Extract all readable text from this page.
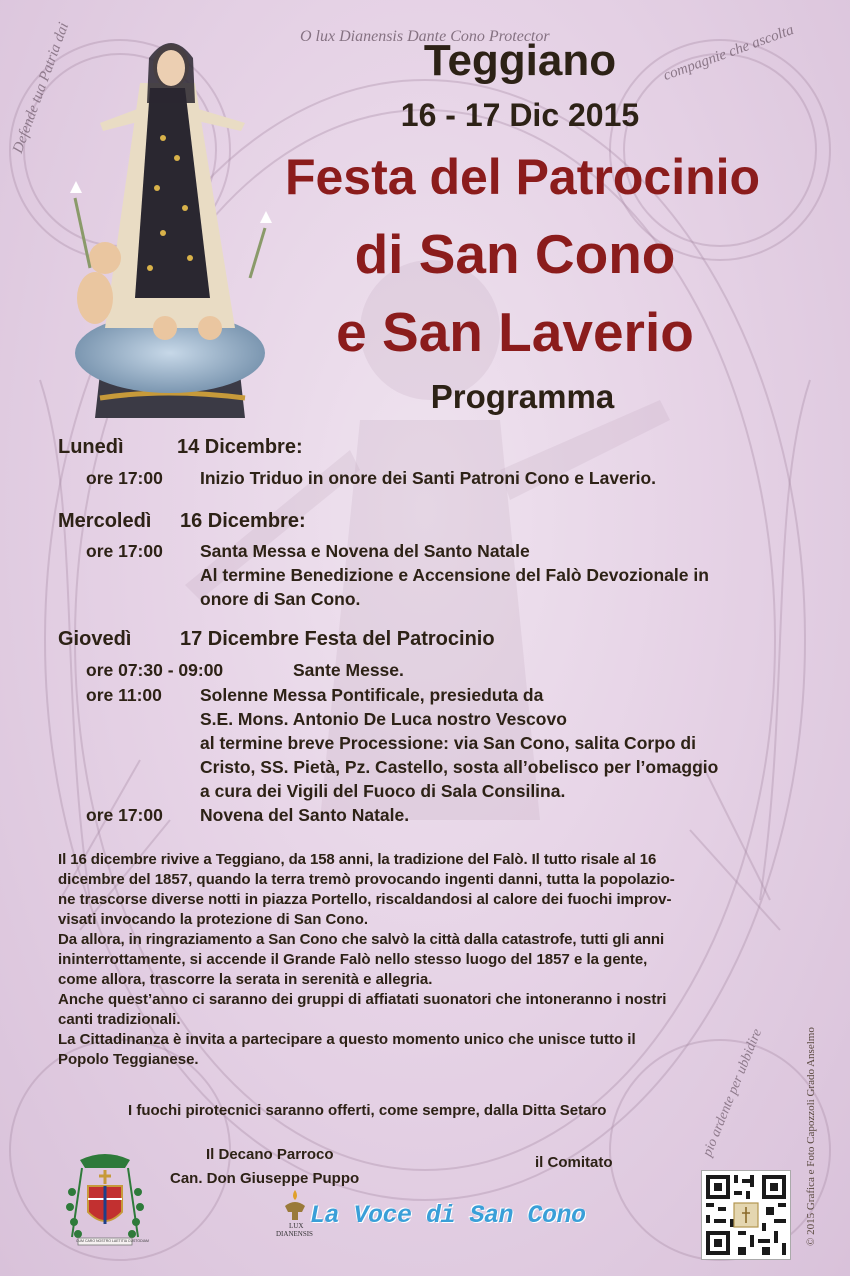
O lux Dianensis Dante Cono Protector
Defende tua Patria dai	compagnie che ascolta
pio ardente per ubbidire
Teggiano
16 - 17 Dic 2015
Festa del Patrocinio
di San Cono
e San Laverio
Programma
Lunedì	14 Dicembre:
ore 17:00 Inizio Triduo in onore dei Santi Patroni Cono e Laverio.
Mercoledì 16 Dicembre:
ore 17:00 Santa Messa e Novena del Santo Natale
Al termine Benedizione e Accensione del Falò Devozionale in
onore di San Cono.
Giovedì 17 Dicembre Festa del Patrocinio
ore 07:30 - 09:00	Sante Messe.
ore 11:00 Solenne Messa Pontificale, presieduta da
S.E. Mons. Antonio De Luca nostro Vescovo
al termine breve Processione: via San Cono, salita Corpo di
Cristo, SS. Pietà, Pz. Castello, sosta all’obelisco per l’omaggio
a cura dei Vigili del Fuoco di Sala Consilina.
ore 17:00 Novena del Santo Natale.
Il 16 dicembre rivive a Teggiano, da 158 anni, la tradizione del Falò. Il tutto risale al 16
dicembre del 1857, quando la terra tremò provocando ingenti danni, tutta la popolazio-
ne trascorse diverse notti in piazza Portello, riscaldandosi al calore dei fuochi improv-
visati invocando la protezione di San Cono.
Da allora, in ringraziamento a San Cono che salvò la città dalla catastrofe, tutti gli anni
ininterrottamente, si accende il Grande Falò nello stesso luogo del 1857 e la gente,
come allora, trascorre la serata in serenità e allegria.
Anche quest’anno ci saranno dei gruppi di affiatati suonatori che intoneranno i nostri
canti tradizionali.
La Cittadinanza è invita a partecipare a questo momento unico che unisce tutto il
Popolo Teggianese.
I fuochi pirotecnici saranno offerti, come sempre, dalla Ditta Setaro
Il Decano Parroco
Can. Don Giuseppe Puppo
il Comitato
CUM CARO NOSTRO LAETITIA CUSTODIAM
LUX
DIANENSIS
La Voce di San Cono	© 2015 Grafica e Foto Capozzoli Grado Anselmo
